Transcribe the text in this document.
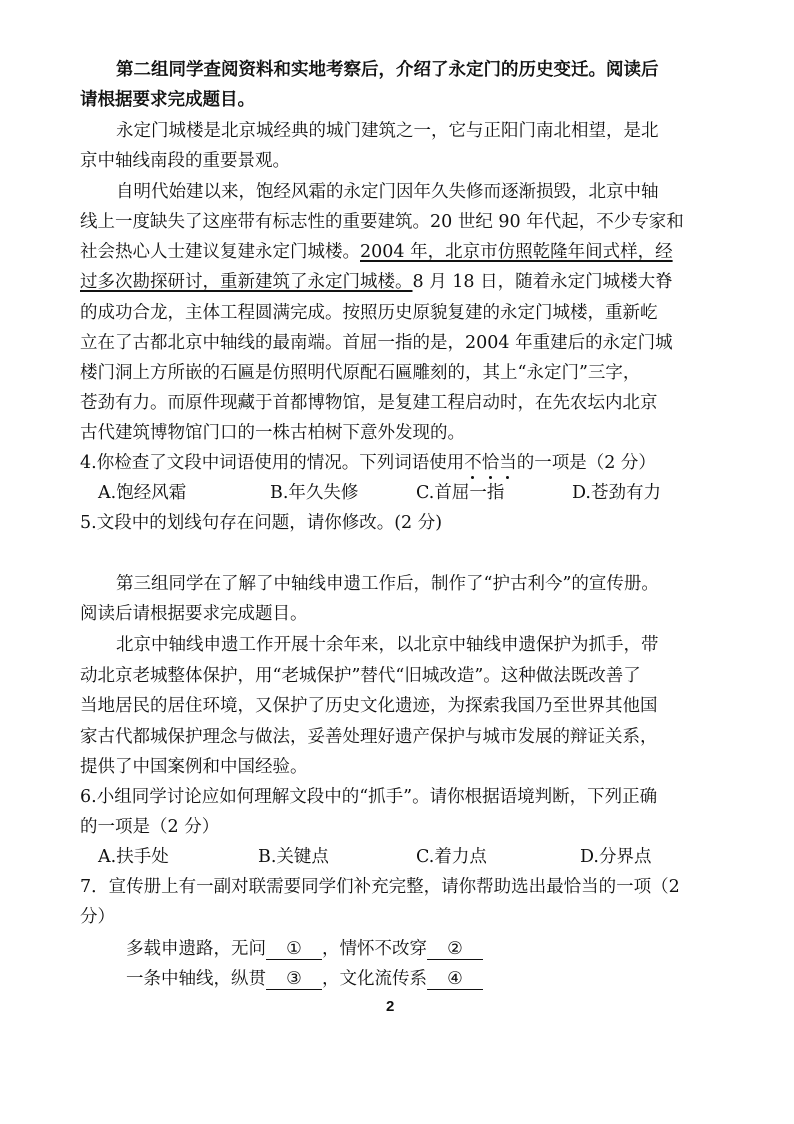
第二组同学查阅资料和实地考察后，介绍了永定门的历史变迁。阅读后
请根据要求完成题目。
永定门城楼是北京城经典的城门建筑之一，它与正阳门南北相望，是北
京中轴线南段的重要景观。
自明代始建以来，饱经风霜的永定门因年久失修而逐渐损毁，北京中轴
线上一度缺失了这座带有标志性的重要建筑。20 世纪 90 年代起，不少专家和
社会热心人士建议复建永定门城楼。2004 年，北京市仿照乾隆年间式样，经
过多次勘探研讨，重新建筑了永定门城楼。8 月 18 日，随着永定门城楼大脊
的成功合龙，主体工程圆满完成。按照历史原貌复建的永定门城楼，重新屹
立在了古都北京中轴线的最南端。首屈一指的是，2004 年重建后的永定门城
楼门洞上方所嵌的石匾是仿照明代原配石匾雕刻的，其上“永定门”三字，
苍劲有力。而原件现藏于首都博物馆，是复建工程启动时，在先农坛内北京
古代建筑博物馆门口的一株古柏树下意外发现的。
4.你检查了文段中词语使用的情况。下列词语使用不恰当的一项是（2 分）
A.饱经风霜	B.年久失修	C.首屈一指	D.苍劲有力
5.文段中的划线句存在问题，请你修改。(2 分)
第三组同学在了解了中轴线申遗工作后，制作了“护古利今”的宣传册。
阅读后请根据要求完成题目。
北京中轴线申遗工作开展十余年来，以北京中轴线申遗保护为抓手，带
动北京老城整体保护，用“老城保护”替代“旧城改造”。这种做法既改善了
当地居民的居住环境，又保护了历史文化遗迹，为探索我国乃至世界其他国
家古代都城保护理念与做法，妥善处理好遗产保护与城市发展的辩证关系，
提供了中国案例和中国经验。
6.小组同学讨论应如何理解文段中的“抓手”。请你根据语境判断，下列正确
的一项是（2 分）
A.扶手处	B.关键点	C.着力点	D.分界点
7．宣传册上有一副对联需要同学们补充完整，请你帮助选出最恰当的一项（2
分）
多载申遗路，无问 ① ，情怀不改穿 ②
一条中轴线，纵贯 ③ ，文化流传系 ④
2
